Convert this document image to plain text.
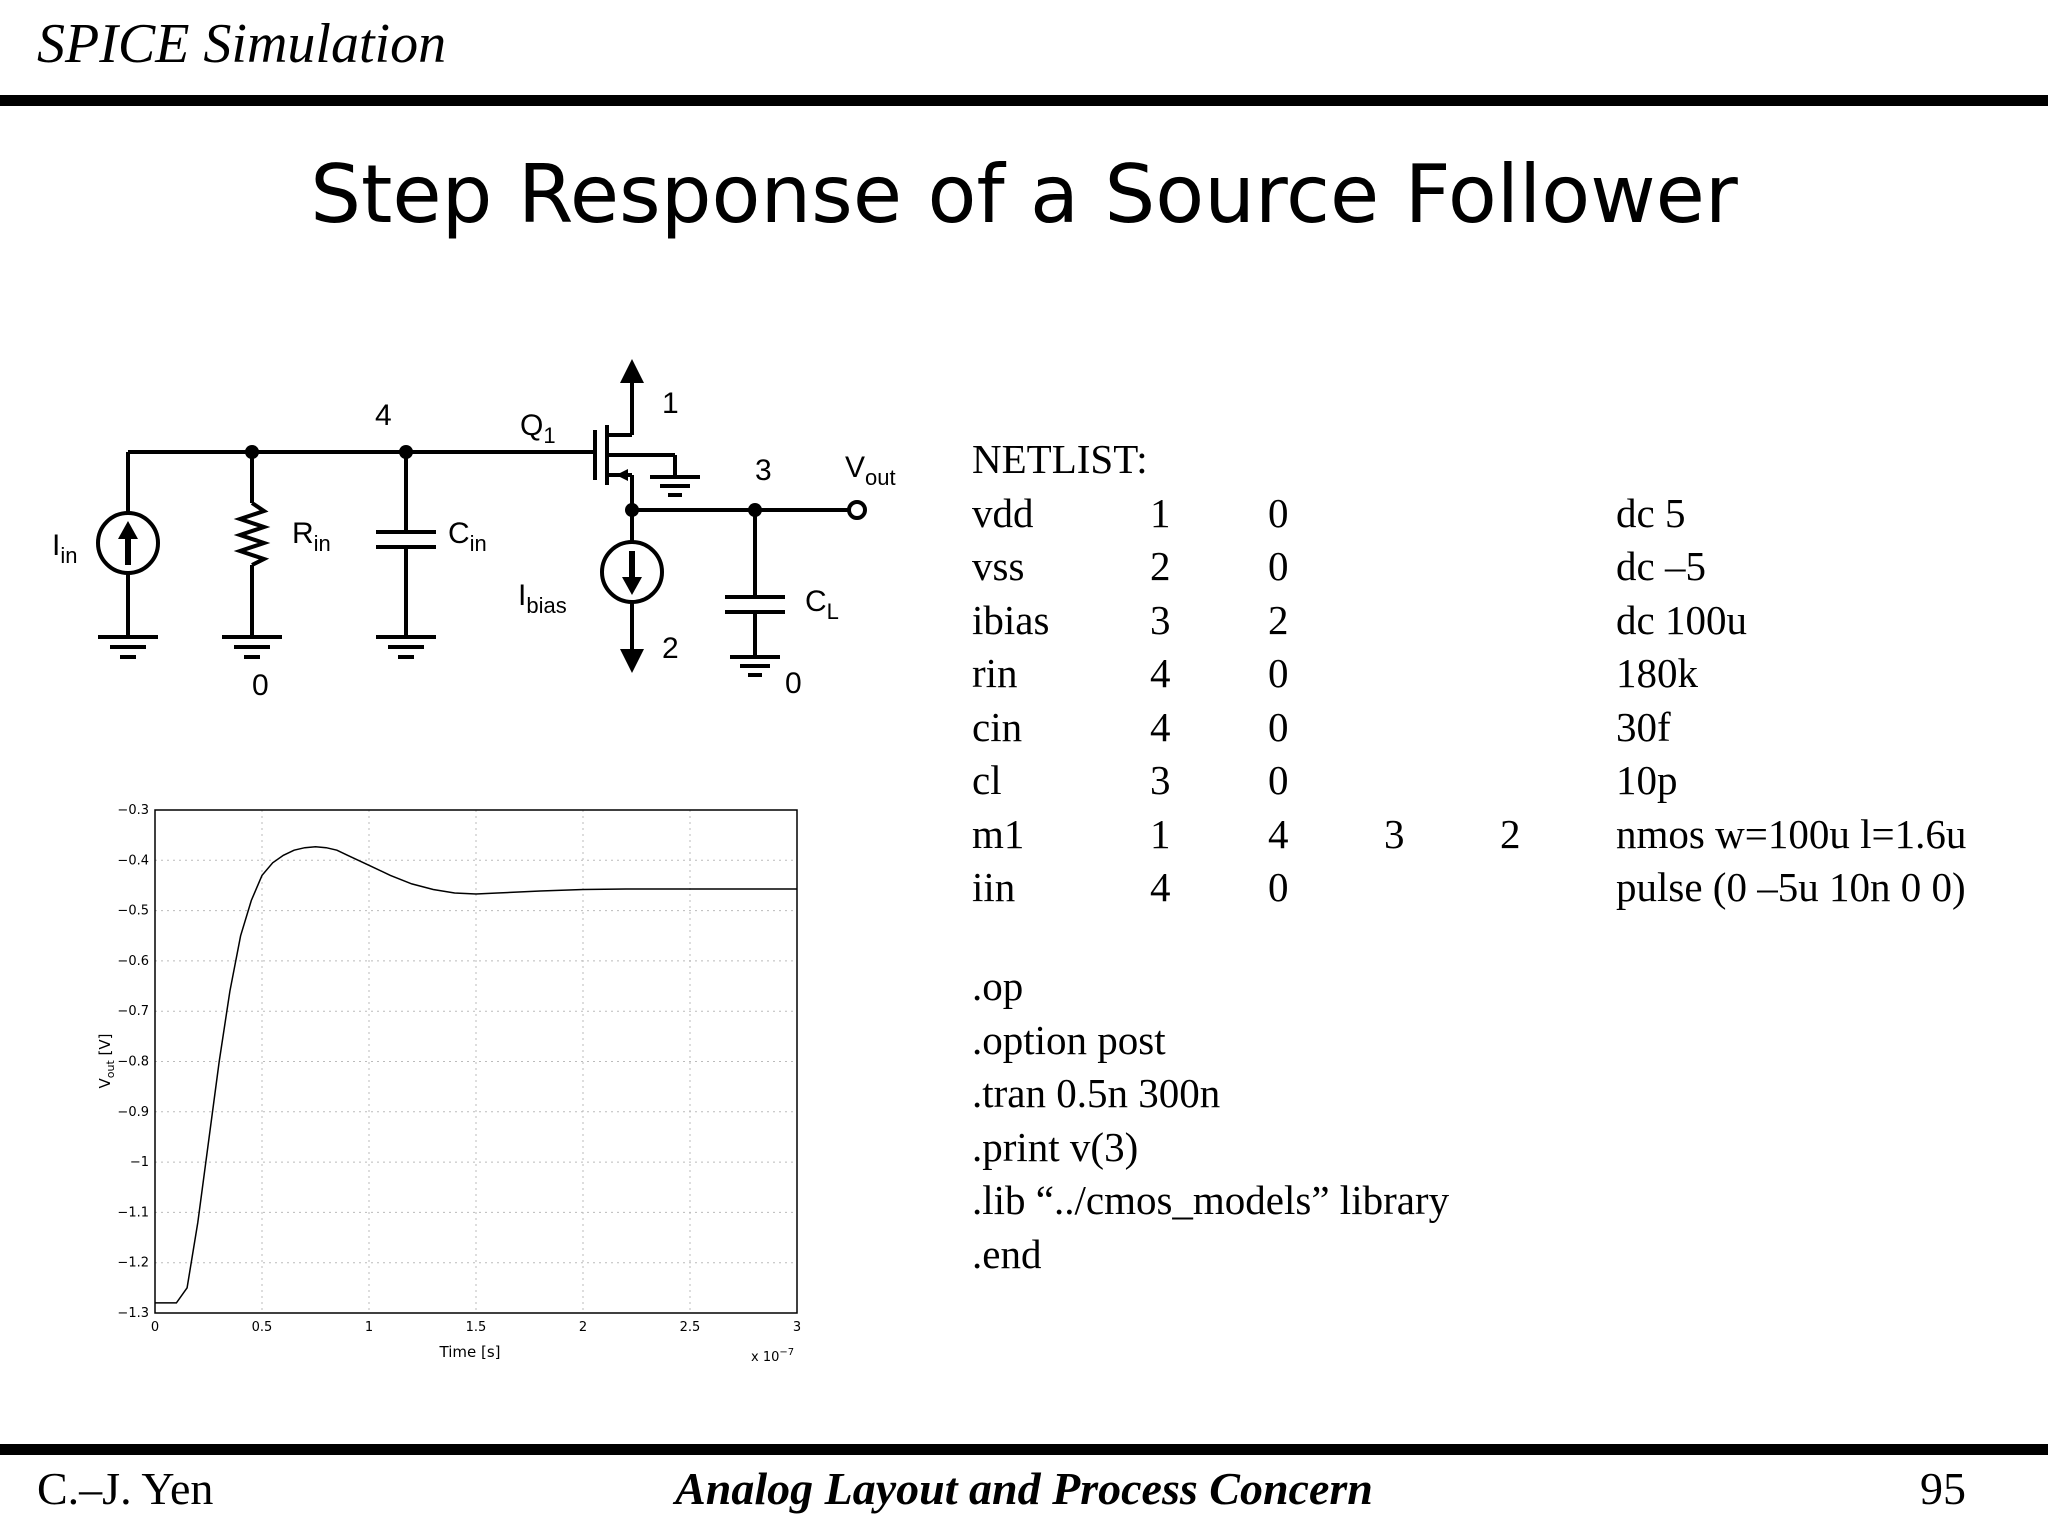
SPICE Simulation
Step Response of a Source Follower
4	1
3
2
0	0
$I_{in}$
$R_{in}$	$C_{in}$
$Q_1$
$I_{bias}$	$C_L$
$V_{out}$
0	0.5	1	1.5	2	2.5	3
−0.3
−0.4
−0.5
−0.6
−0.7
−0.8
−0.9
−1
−1.1
−1.2
−1.3
Time [s]
$V_{out}$ [V]
x $10^{-7}$
NETLIST:
vdd	1 0	dc 5
vss	2 0	dc –5
ibias 3 2	dc 100u
rin	4 0	180k
cin	4 0	30f
cl	3 0	10p
m1	1 4 3 2 nmos w=100u l=1.6u
iin	4 0	pulse (0 –5u 10n 0 0)
.op
.option post
.tran 0.5n 300n
.print v(3)
.lib “../cmos_models” library
.end
C.–J. Yen	Analog Layout and Process Concern	95
